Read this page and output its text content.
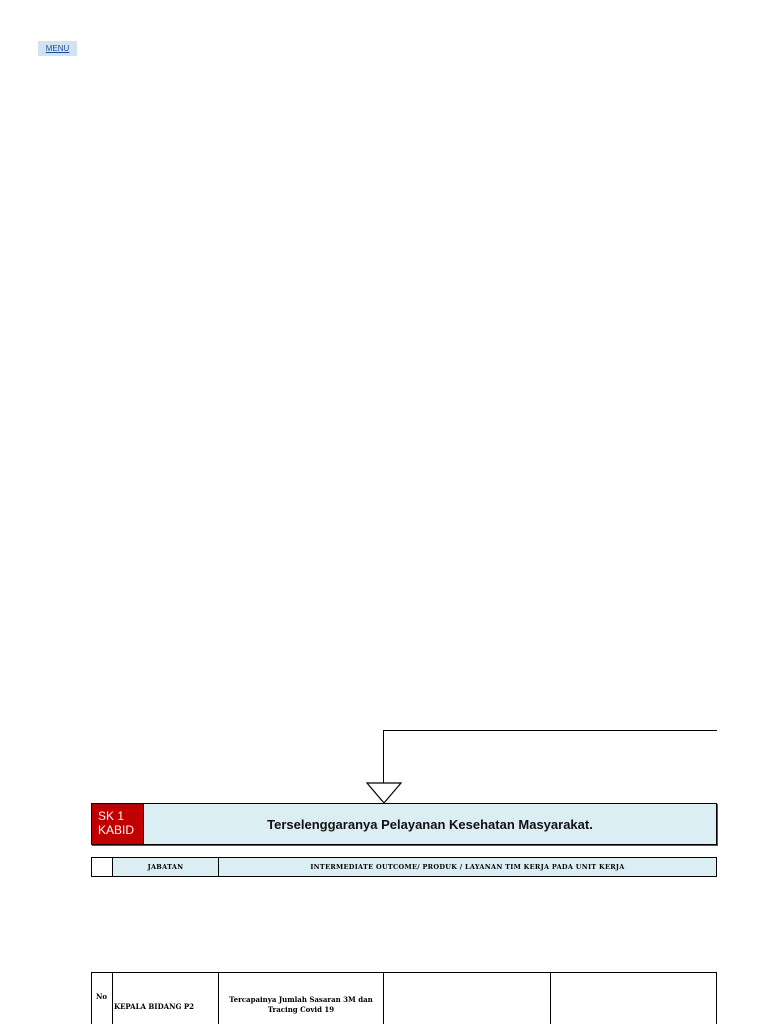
MENU
SK 1
KABID	Terselenggaranya Pelayanan Kesehatan Masyarakat.
JABATAN	INTERMEDIATE OUTCOME/ PRODUK / LAYANAN TIM KERJA PADA UNIT KERJA
No
KEPALA BIDANG P2
Tercapainya Jumlah Sasaran 3M dan Tracing Covid 19
